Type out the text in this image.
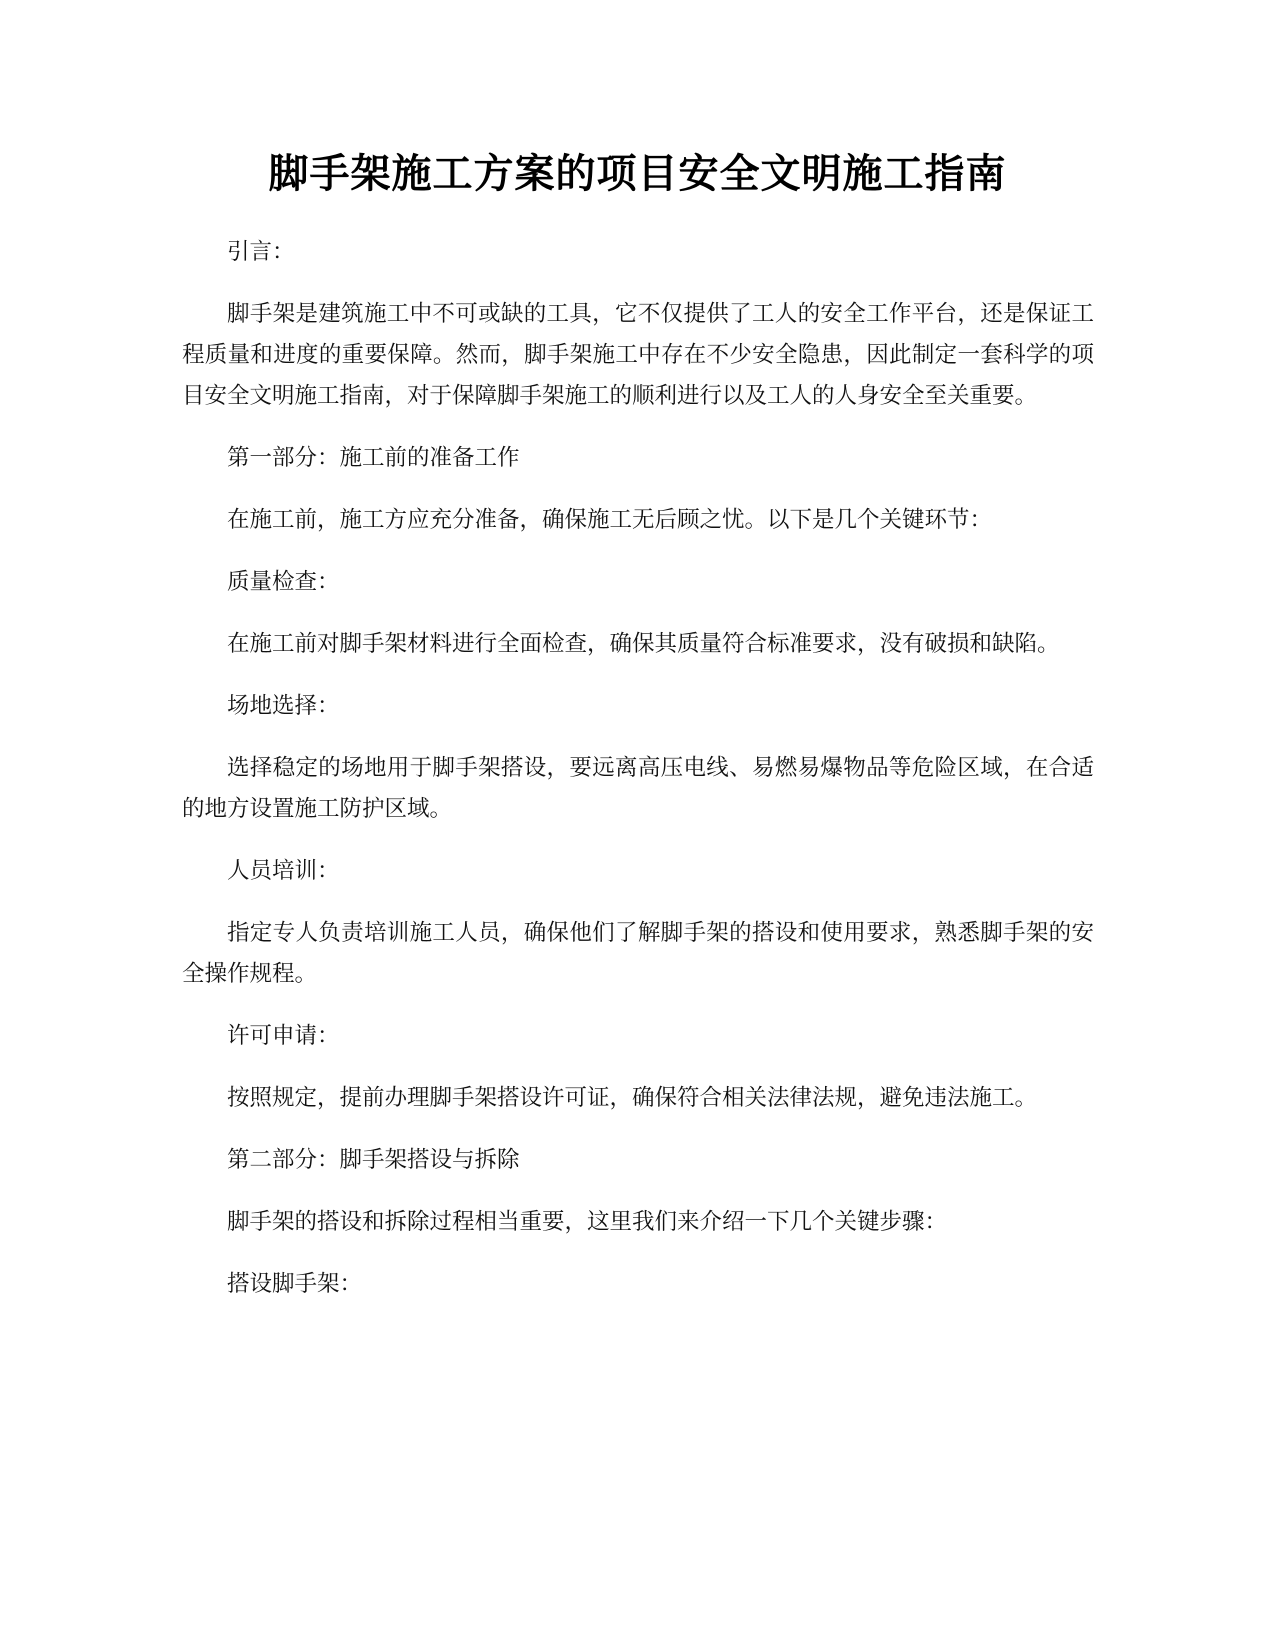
脚手架施工方案的项目安全文明施工指南

引言：

脚手架是建筑施工中不可或缺的工具，它不仅提供了工人的安全工作平台，还是保证工程质量和进度的重要保障。然而，脚手架施工中存在不少安全隐患，因此制定一套科学的项目安全文明施工指南，对于保障脚手架施工的顺利进行以及工人的人身安全至关重要。

第一部分：施工前的准备工作

在施工前，施工方应充分准备，确保施工无后顾之忧。以下是几个关键环节：

质量检查：

在施工前对脚手架材料进行全面检查，确保其质量符合标准要求，没有破损和缺陷。

场地选择：

选择稳定的场地用于脚手架搭设，要远离高压电线、易燃易爆物品等危险区域，在合适的地方设置施工防护区域。

人员培训：

指定专人负责培训施工人员，确保他们了解脚手架的搭设和使用要求，熟悉脚手架的安全操作规程。

许可申请：

按照规定，提前办理脚手架搭设许可证，确保符合相关法律法规，避免违法施工。

第二部分：脚手架搭设与拆除

脚手架的搭设和拆除过程相当重要，这里我们来介绍一下几个关键步骤：

搭设脚手架：
